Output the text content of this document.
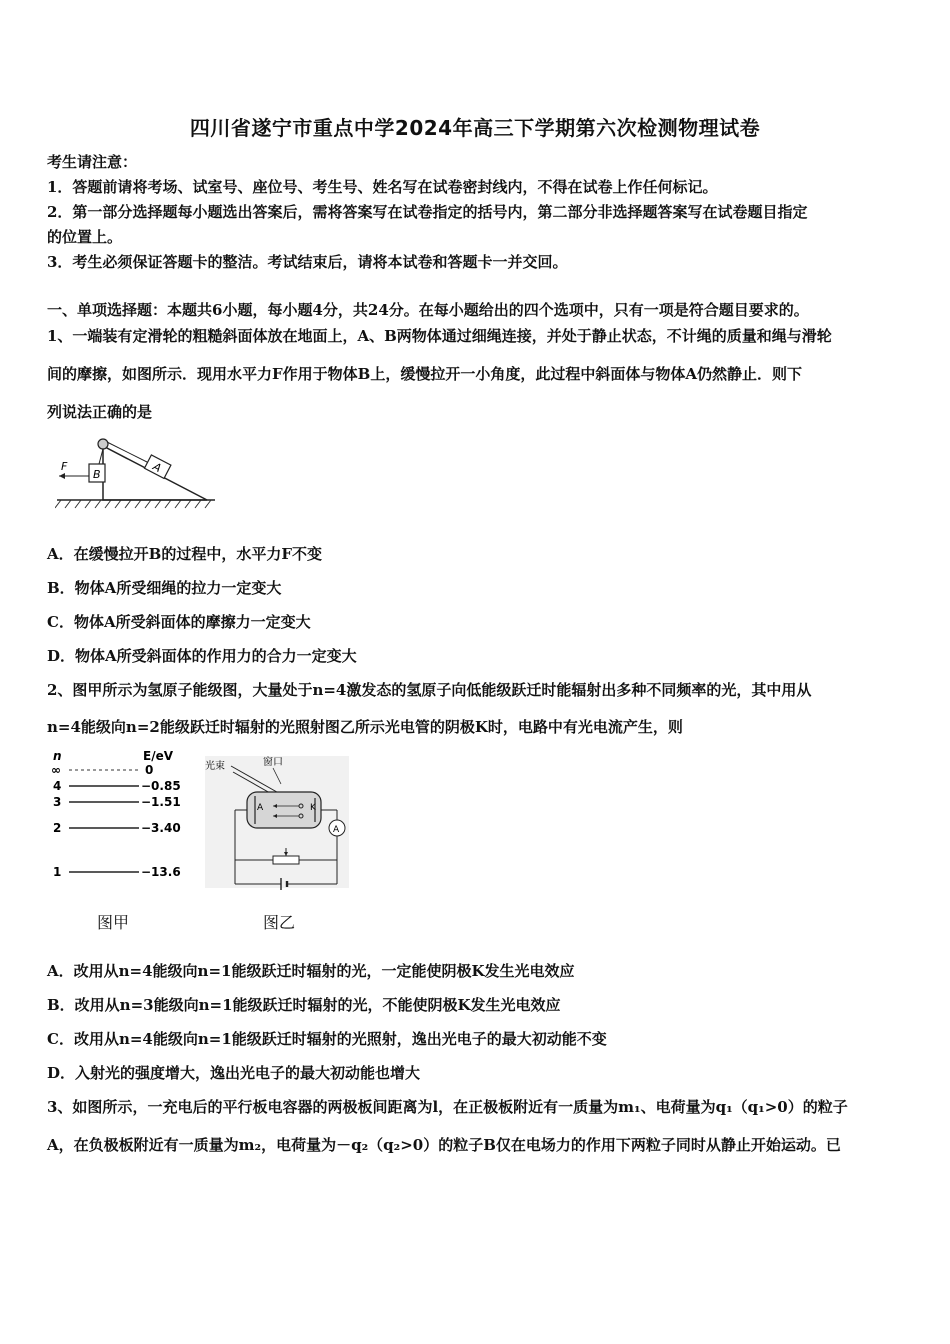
四川省遂宁市重点中学2024年高三下学期第六次检测物理试卷
考生请注意：
1．答题前请将考场、试室号、座位号、考生号、姓名写在试卷密封线内，不得在试卷上作任何标记。
2．第一部分选择题每小题选出答案后，需将答案写在试卷指定的括号内，第二部分非选择题答案写在试卷题目指定
的位置上。
3．考生必须保证答题卡的整洁。考试结束后，请将本试卷和答题卡一并交回。
一、单项选择题：本题共6小题，每小题4分，共24分。在每小题给出的四个选项中，只有一项是符合题目要求的。
1、一端装有定滑轮的粗糙斜面体放在地面上，A、B两物体通过细绳连接，并处于静止状态，不计绳的质量和绳与滑轮
间的摩擦，如图所示．现用水平力F作用于物体B上，缓慢拉开一小角度，此过程中斜面体与物体A仍然静止．则下
列说法正确的是
B
F	A
A．在缓慢拉开B的过程中，水平力F不变
B．物体A所受细绳的拉力一定变大
C．物体A所受斜面体的摩擦力一定变大
D．物体A所受斜面体的作用力的合力一定变大
2、图甲所示为氢原子能级图，大量处于n=4激发态的氢原子向低能级跃迁时能辐射出多种不同频率的光，其中用从
n=4能级向n=2能级跃迁时辐射的光照射图乙所示光电管的阴极K时，电路中有光电流产生，则
n	E/eV
∞	0
4	−0.85
3	−1.51
2	−3.40
1	−13.6
图甲
光束	窗口
A	K
A
图乙
A．改用从n=4能级向n=1能级跃迁时辐射的光，一定能使阴极K发生光电效应
B．改用从n=3能级向n=1能级跃迁时辐射的光，不能使阴极K发生光电效应
C．改用从n=4能级向n=1能级跃迁时辐射的光照射，逸出光电子的最大初动能不变
D．入射光的强度增大，逸出光电子的最大初动能也增大
3、如图所示，一充电后的平行板电容器的两极板间距离为l，在正极板附近有一质量为m₁、电荷量为q₁（q₁>0）的粒子
A，在负极板附近有一质量为m₂，电荷量为－q₂（q₂>0）的粒子B仅在电场力的作用下两粒子同时从静止开始运动。已
